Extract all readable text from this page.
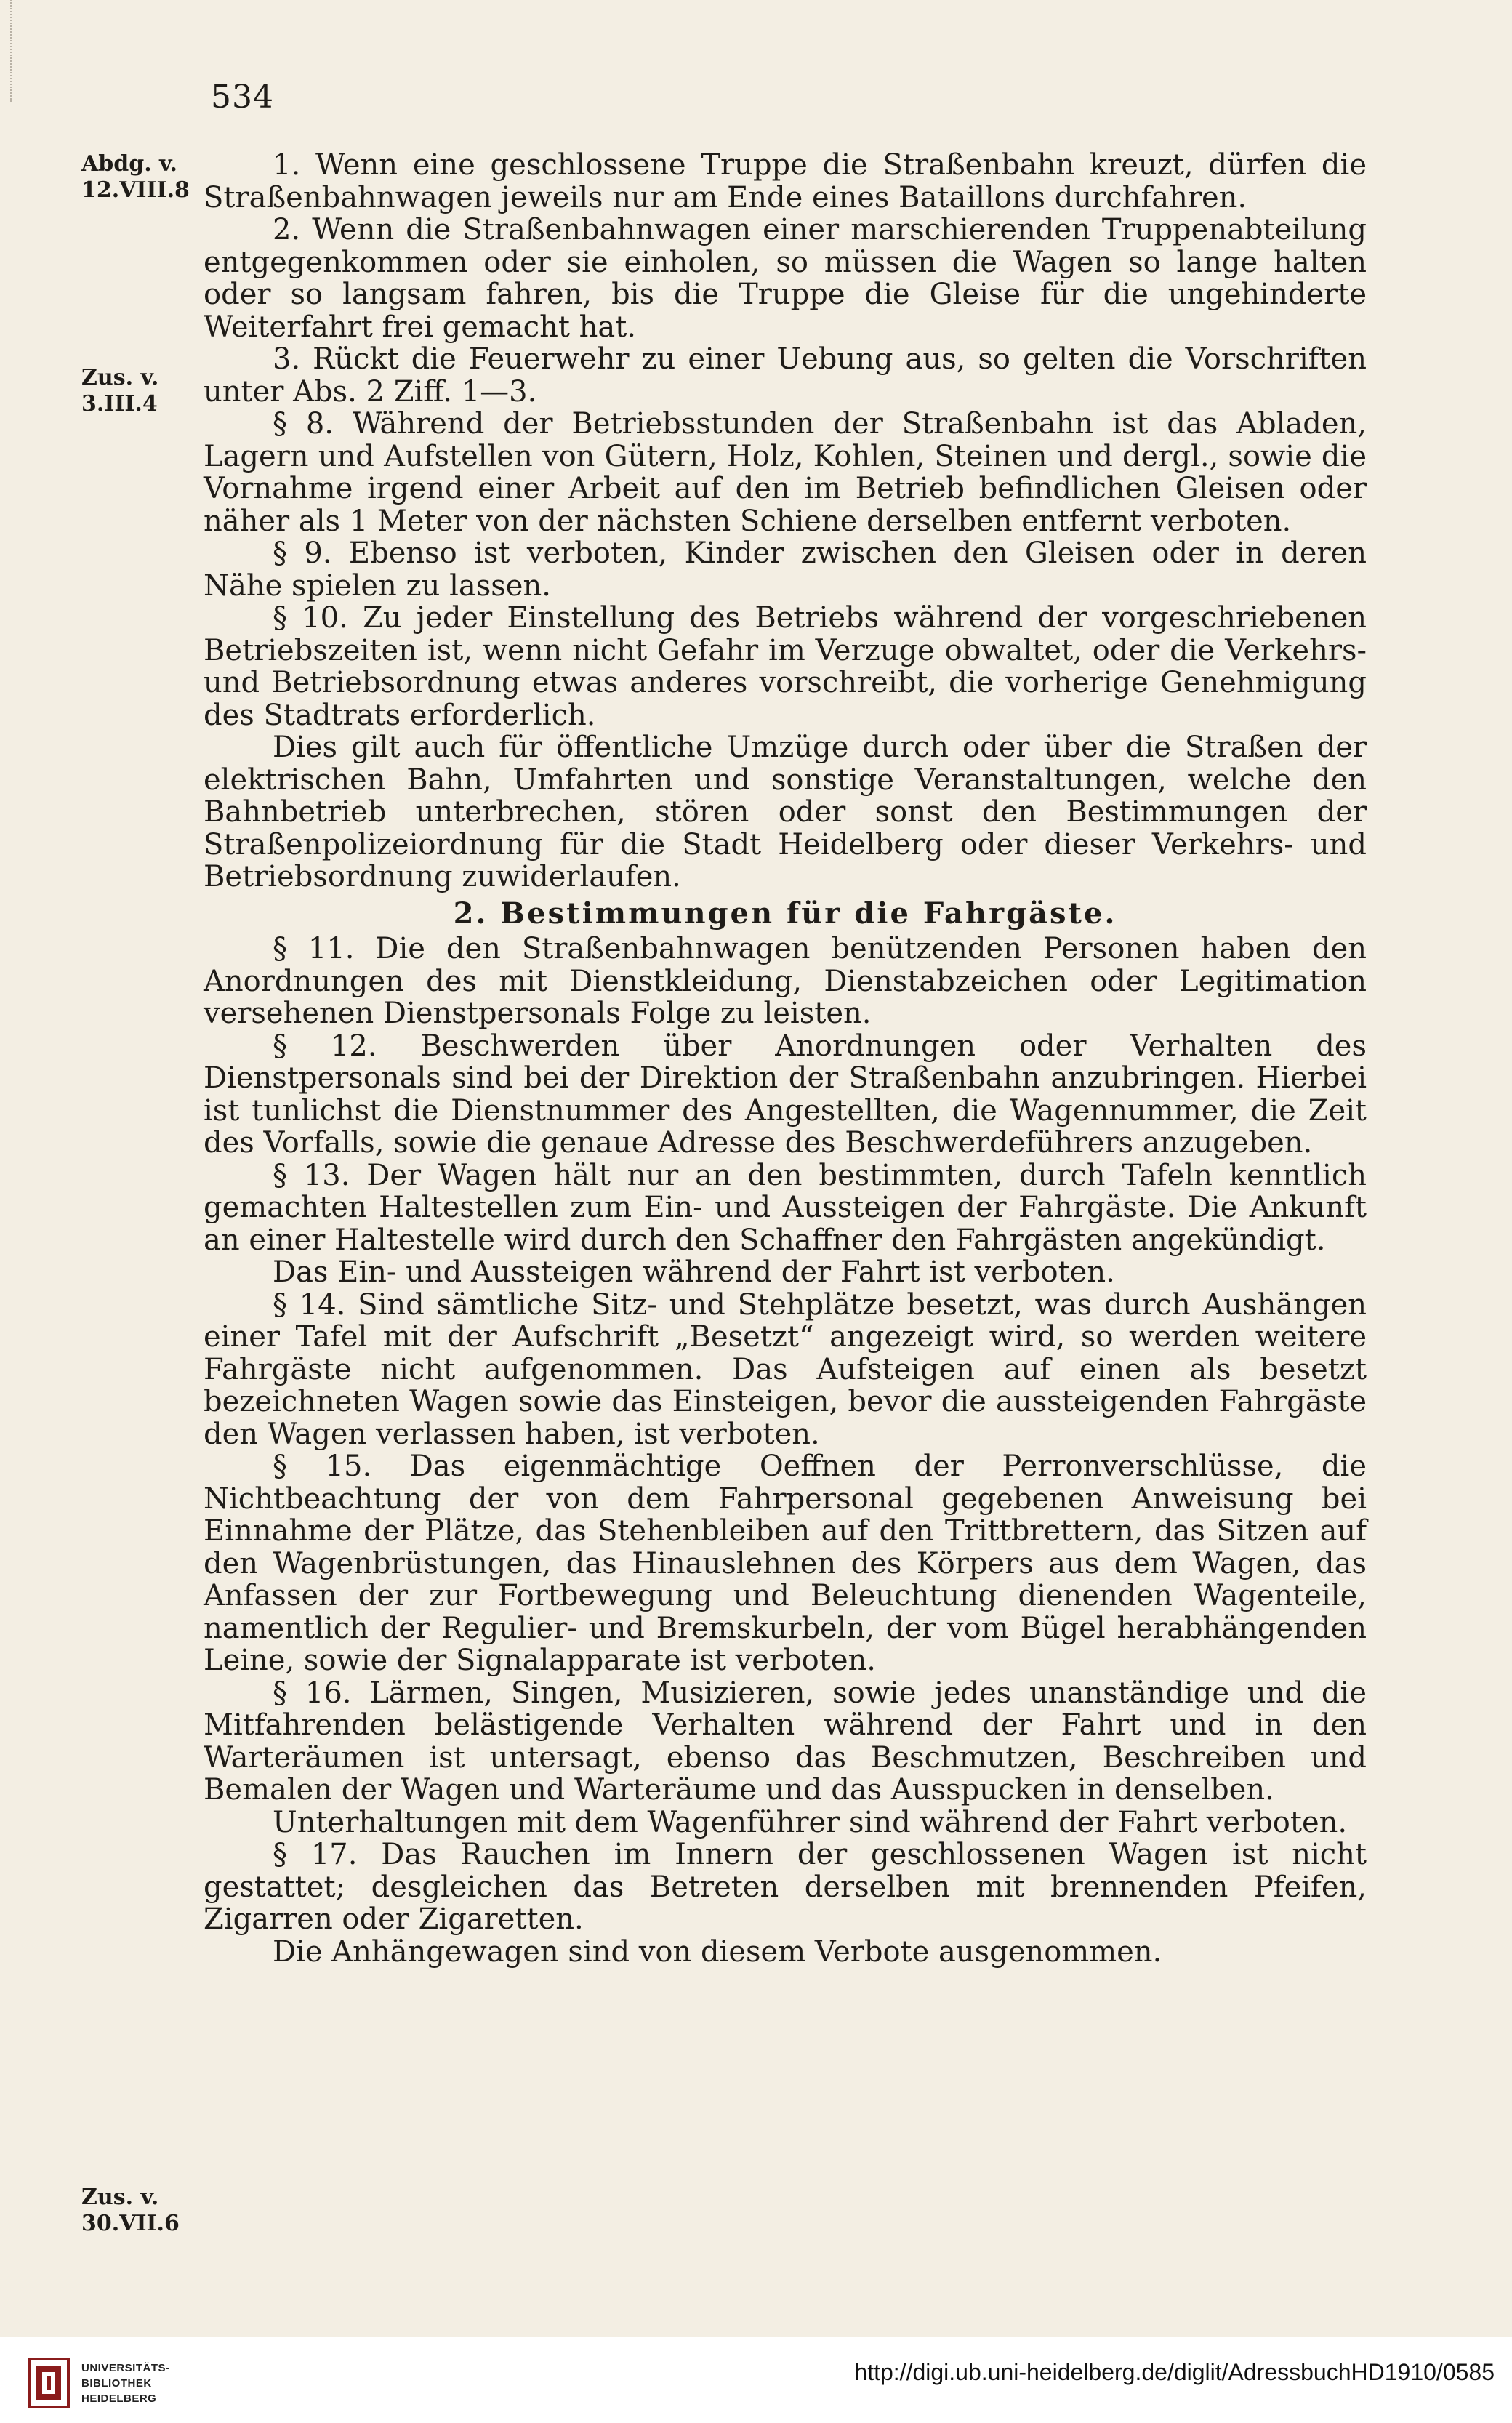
534
Abdg. v.
12.VIII.8
Zus. v.
3.III.4
Zus. v.
30.VII.6

1. Wenn eine geschlossene Truppe die Straßenbahn kreuzt, dürfen die Straßenbahnwagen jeweils nur am Ende eines Bataillons durchfahren.

2. Wenn die Straßenbahnwagen einer marschierenden Truppenabteilung entgegenkommen oder sie einholen, so müssen die Wagen so lange halten oder so langsam fahren, bis die Truppe die Gleise für die ungehinderte Weiterfahrt frei gemacht hat.

3. Rückt die Feuerwehr zu einer Uebung aus, so gelten die Vorschriften unter Abs. 2 Ziff. 1—3.

§ 8. Während der Betriebsstunden der Straßenbahn ist das Abladen, Lagern und Aufstellen von Gütern, Holz, Kohlen, Steinen und dergl., sowie die Vornahme irgend einer Arbeit auf den im Betrieb befindlichen Gleisen oder näher als 1 Meter von der nächsten Schiene derselben entfernt verboten.

§ 9. Ebenso ist verboten, Kinder zwischen den Gleisen oder in deren Nähe spielen zu lassen.

§ 10. Zu jeder Einstellung des Betriebs während der vorgeschriebenen Betriebszeiten ist, wenn nicht Gefahr im Verzuge obwaltet, oder die Verkehrs- und Betriebsordnung etwas anderes vorschreibt, die vorherige Genehmigung des Stadtrats erforderlich.

Dies gilt auch für öffentliche Umzüge durch oder über die Straßen der elektrischen Bahn, Umfahrten und sonstige Veranstaltungen, welche den Bahnbetrieb unterbrechen, stören oder sonst den Bestimmungen der Straßenpolizeiordnung für die Stadt Heidelberg oder dieser Verkehrs- und Betriebsordnung zuwiderlaufen.

2. Bestimmungen für die Fahrgäste.

§ 11. Die den Straßenbahnwagen benützenden Personen haben den Anordnungen des mit Dienstkleidung, Dienstabzeichen oder Legitimation versehenen Dienstpersonals Folge zu leisten.

§ 12. Beschwerden über Anordnungen oder Verhalten des Dienstpersonals sind bei der Direktion der Straßenbahn anzubringen. Hierbei ist tunlichst die Dienstnummer des Angestellten, die Wagennummer, die Zeit des Vorfalls, sowie die genaue Adresse des Beschwerdeführers anzugeben.

§ 13. Der Wagen hält nur an den bestimmten, durch Tafeln kenntlich gemachten Haltestellen zum Ein- und Aussteigen der Fahrgäste. Die Ankunft an einer Haltestelle wird durch den Schaffner den Fahrgästen angekündigt.

Das Ein- und Aussteigen während der Fahrt ist verboten.

§ 14. Sind sämtliche Sitz- und Stehplätze besetzt, was durch Aushängen einer Tafel mit der Aufschrift „Besetzt“ angezeigt wird, so werden weitere Fahrgäste nicht aufgenommen. Das Aufsteigen auf einen als besetzt bezeichneten Wagen sowie das Einsteigen, bevor die aussteigenden Fahrgäste den Wagen verlassen haben, ist verboten.

§ 15. Das eigenmächtige Oeffnen der Perronverschlüsse, die Nichtbeachtung der von dem Fahrpersonal gegebenen Anweisung bei Einnahme der Plätze, das Stehenbleiben auf den Trittbrettern, das Sitzen auf den Wagenbrüstungen, das Hinauslehnen des Körpers aus dem Wagen, das Anfassen der zur Fortbewegung und Beleuchtung dienenden Wagenteile, namentlich der Regulier- und Bremskurbeln, der vom Bügel herabhängenden Leine, sowie der Signalapparate ist verboten.

§ 16. Lärmen, Singen, Musizieren, sowie jedes unanständige und die Mitfahrenden belästigende Verhalten während der Fahrt und in den Warteräumen ist untersagt, ebenso das Beschmutzen, Beschreiben und Bemalen der Wagen und Warteräume und das Ausspucken in denselben.

Unterhaltungen mit dem Wagenführer sind während der Fahrt verboten.

§ 17. Das Rauchen im Innern der geschlossenen Wagen ist nicht gestattet; desgleichen das Betreten derselben mit brennenden Pfeifen, Zigarren oder Zigaretten.

Die Anhängewagen sind von diesem Verbote ausgenommen.

UNIVERSITÄTS-
BIBLIOTHEK
HEIDELBERG
http://digi.ub.uni-heidelberg.de/diglit/AdressbuchHD1910/0585
